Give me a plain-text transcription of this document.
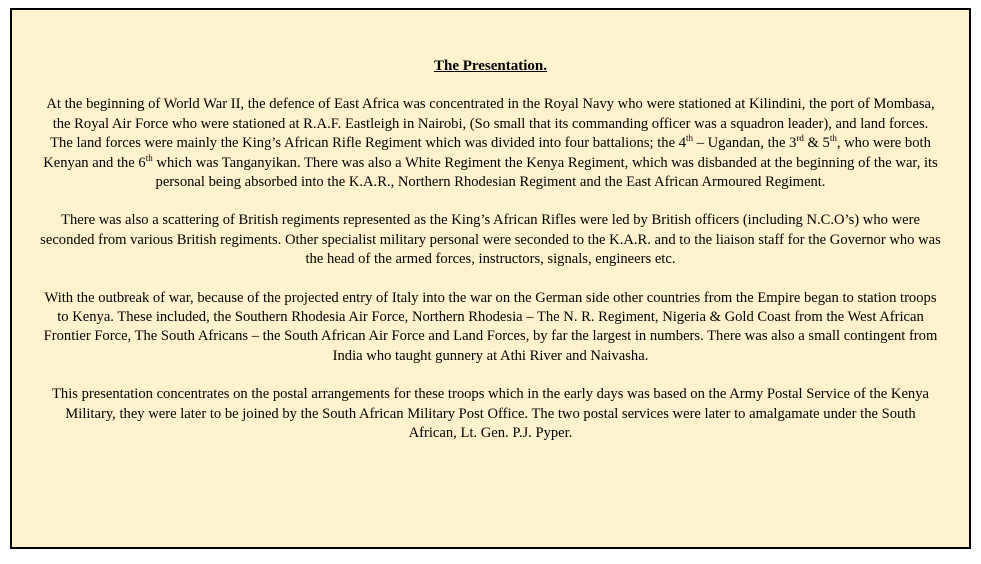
The Presentation.

At the beginning of World War II, the defence of East Africa was concentrated in the Royal Navy who were stationed at Kilindini, the port of Mombasa, the Royal Air Force who were stationed at R.A.F. Eastleigh in Nairobi, (So small that its commanding officer was a squadron leader), and land forces. The land forces were mainly the King’s African Rifle Regiment which was divided into four battalions; the 4th – Ugandan, the 3rd & 5th, who were both Kenyan and the 6th which was Tanganyikan. There was also a White Regiment the Kenya Regiment, which was disbanded at the beginning of the war, its personal being absorbed into the K.A.R., Northern Rhodesian Regiment and the East African Armoured Regiment.

There was also a scattering of British regiments represented as the King’s African Rifles were led by British officers (including N.C.O’s) who were seconded from various British regiments. Other specialist military personal were seconded to the K.A.R. and to the liaison staff for the Governor who was the head of the armed forces, instructors, signals, engineers etc.

With the outbreak of war, because of the projected entry of Italy into the war on the German side other countries from the Empire began to station troops to Kenya. These included, the Southern Rhodesia Air Force, Northern Rhodesia – The N. R. Regiment, Nigeria & Gold Coast from the West African Frontier Force, The South Africans – the South African Air Force and Land Forces, by far the largest in numbers. There was also a small contingent from India who taught gunnery at Athi River and Naivasha.

This presentation concentrates on the postal arrangements for these troops which in the early days was based on the Army Postal Service of the Kenya Military, they were later to be joined by the South African Military Post Office. The two postal services were later to amalgamate under the South African, Lt. Gen. P.J. Pyper.
